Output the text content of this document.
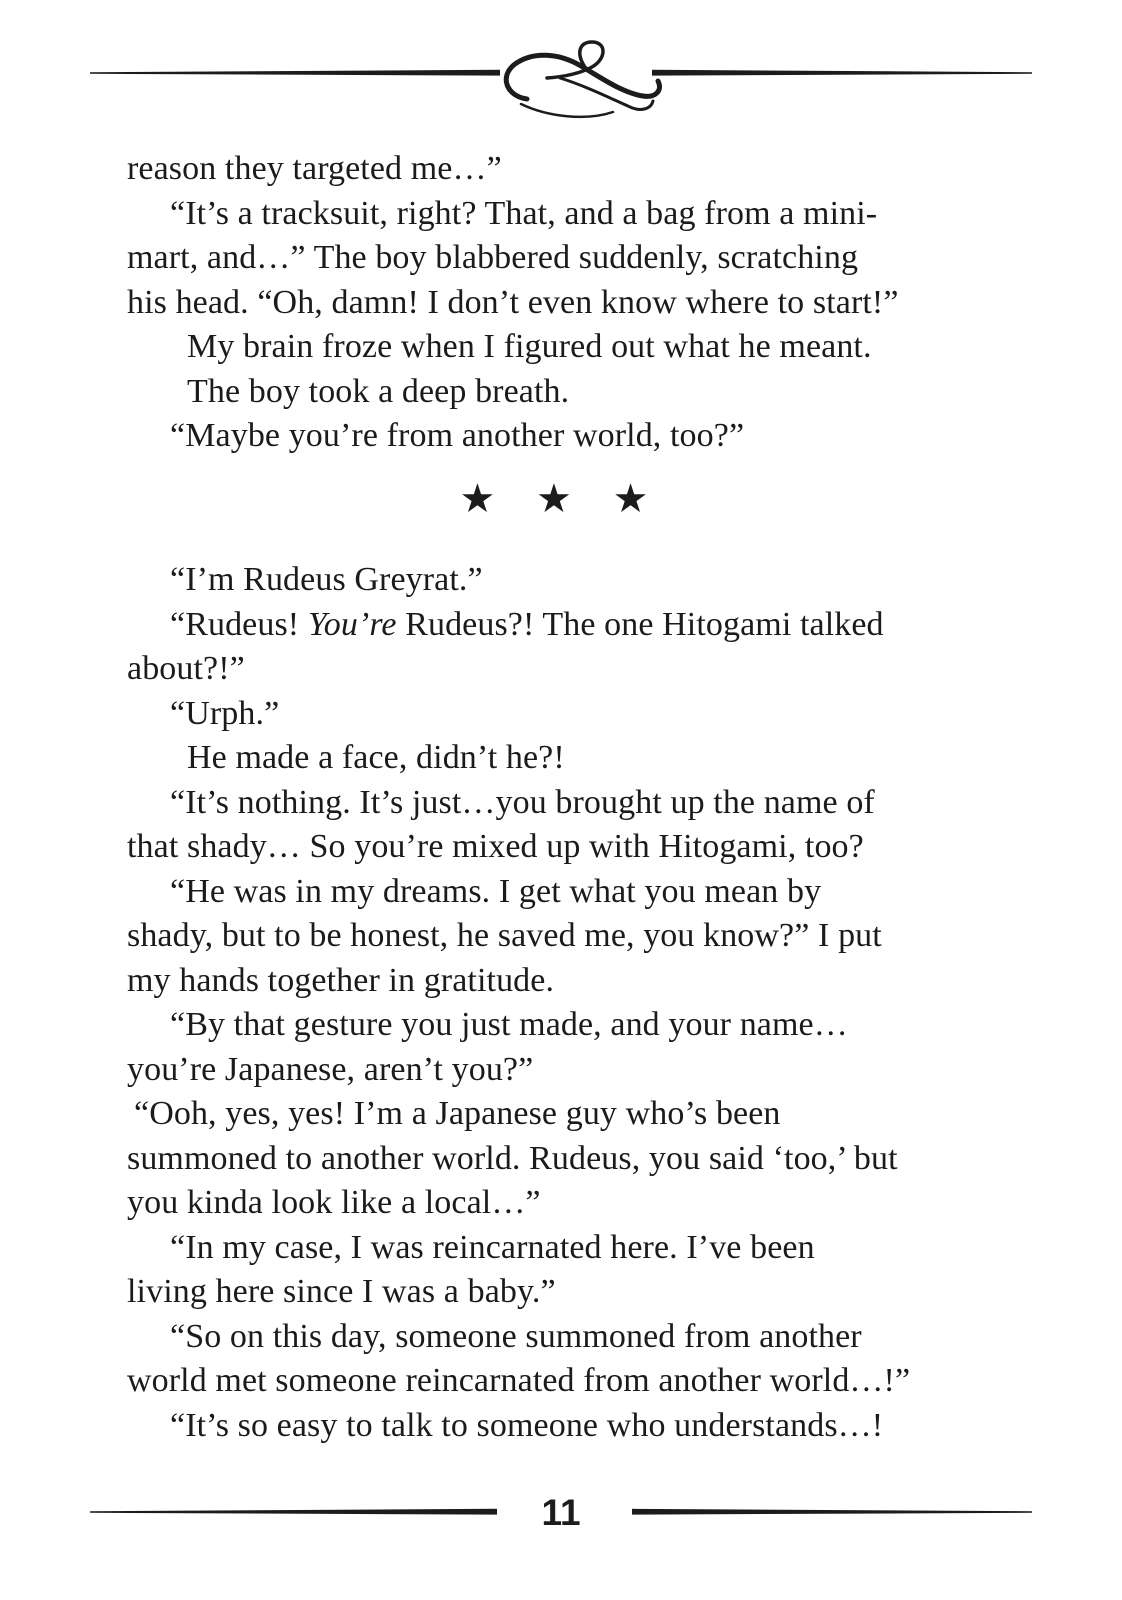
reason they targeted me…”
“It’s a tracksuit, right? That, and a bag from a mini-
mart, and…” The boy blabbered suddenly, scratching
his head. “Oh, damn! I don’t even know where to start!”
My brain froze when I figured out what he meant.
The boy took a deep breath.
“Maybe you’re from another world, too?”
★ ★ ★
“I’m Rudeus Greyrat.”
“Rudeus! You’re Rudeus?! The one Hitogami talked
about?!”
“Urph.”
He made a face, didn’t he?!
“It’s nothing. It’s just…you brought up the name of
that shady… So you’re mixed up with Hitogami, too?
“He was in my dreams. I get what you mean by
shady, but to be honest, he saved me, you know?” I put
my hands together in gratitude.
“By that gesture you just made, and your name…
you’re Japanese, aren’t you?”
“Ooh, yes, yes! I’m a Japanese guy who’s been
summoned to another world. Rudeus, you said ‘too,’ but
you kinda look like a local…”
“In my case, I was reincarnated here. I’ve been
living here since I was a baby.”
“So on this day, someone summoned from another
world met someone reincarnated from another world…!”
“It’s so easy to talk to someone who understands…!
11
